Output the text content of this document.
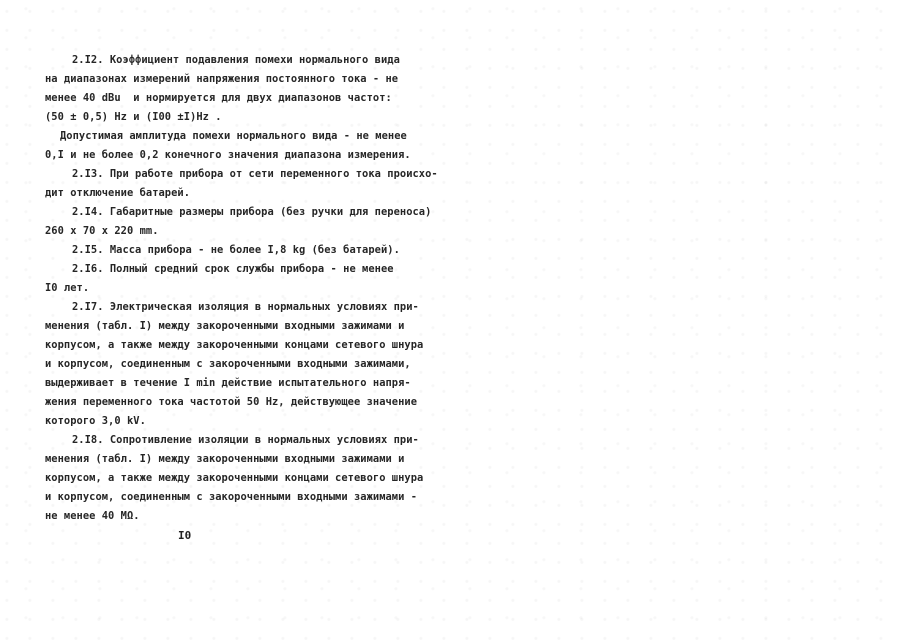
2.I2. Коэффициент подавления помехи нормального вида
на диапазонах измерений напряжения постоянного тока - не
менее 40 dBu  и нормируется для двух диапазонов частот:
(50 ± 0,5) Hz и (I00 ±I)Hz .
Допустимая амплитуда помехи нормального вида - не менее
0,I и не более 0,2 конечного значения диапазона измерения.
2.I3. При работе прибора от сети переменного тока происхо-
дит отключение батарей.
2.I4. Габаритные размеры прибора (без ручки для переноса)
260 х 70 х 220 mm.
2.I5. Масса прибора - не более I,8 kg (без батарей).
2.I6. Полный средний срок службы прибора - не менее
I0 лет.
2.I7. Электрическая изоляция в нормальных условиях при-
менения (табл. I) между закороченными входными зажимами и
корпусом, а также между закороченными концами сетевого шнура
и корпусом, соединенным с закороченными входными зажимами,
выдерживает в течение I min действие испытательного напря-
жения переменного тока частотой 50 Hz, действующее значение
которого 3,0 kV.
2.I8. Сопротивление изоляции в нормальных условиях при-
менения (табл. I) между закороченными входными зажимами и
корпусом, а также между закороченными концами сетевого шнура
и корпусом, соединенным с закороченными входными зажимами -
не менее 40 MΩ.
I0
